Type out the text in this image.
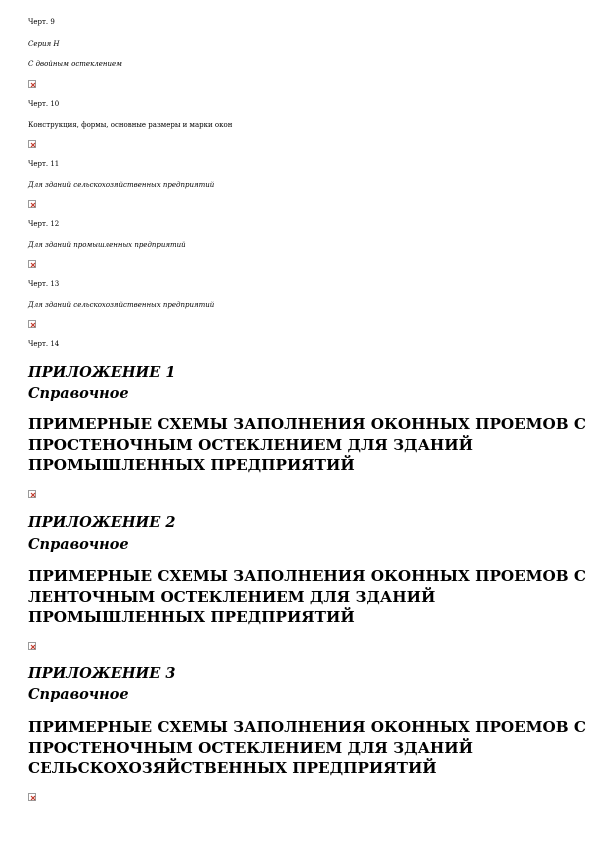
Черт. 9
Серия Н
С двойным остеклением
Черт. 10
Конструкция, формы, основные размеры и марки окон
Черт. 11
Для зданий сельскохозяйственных предприятий
Черт. 12
Для зданий промышленных предприятий
Черт. 13
Для зданий сельскохозяйственных предприятий
Черт. 14
ПРИЛОЖЕНИЕ 1
Справочное
ПРИМЕРНЫЕ СХЕМЫ ЗАПОЛНЕНИЯ ОКОННЫХ ПРОЕМОВ С
ПРОСТЕНОЧНЫМ ОСТЕКЛЕНИЕМ ДЛЯ ЗДАНИЙ
ПРОМЫШЛЕННЫХ ПРЕДПРИЯТИЙ
ПРИЛОЖЕНИЕ 2
Справочное
ПРИМЕРНЫЕ СХЕМЫ ЗАПОЛНЕНИЯ ОКОННЫХ ПРОЕМОВ С
ЛЕНТОЧНЫМ ОСТЕКЛЕНИЕМ ДЛЯ ЗДАНИЙ
ПРОМЫШЛЕННЫХ ПРЕДПРИЯТИЙ
ПРИЛОЖЕНИЕ 3
Справочное
ПРИМЕРНЫЕ СХЕМЫ ЗАПОЛНЕНИЯ ОКОННЫХ ПРОЕМОВ С
ПРОСТЕНОЧНЫМ ОСТЕКЛЕНИЕМ ДЛЯ ЗДАНИЙ
СЕЛЬСКОХОЗЯЙСТВЕННЫХ ПРЕДПРИЯТИЙ
